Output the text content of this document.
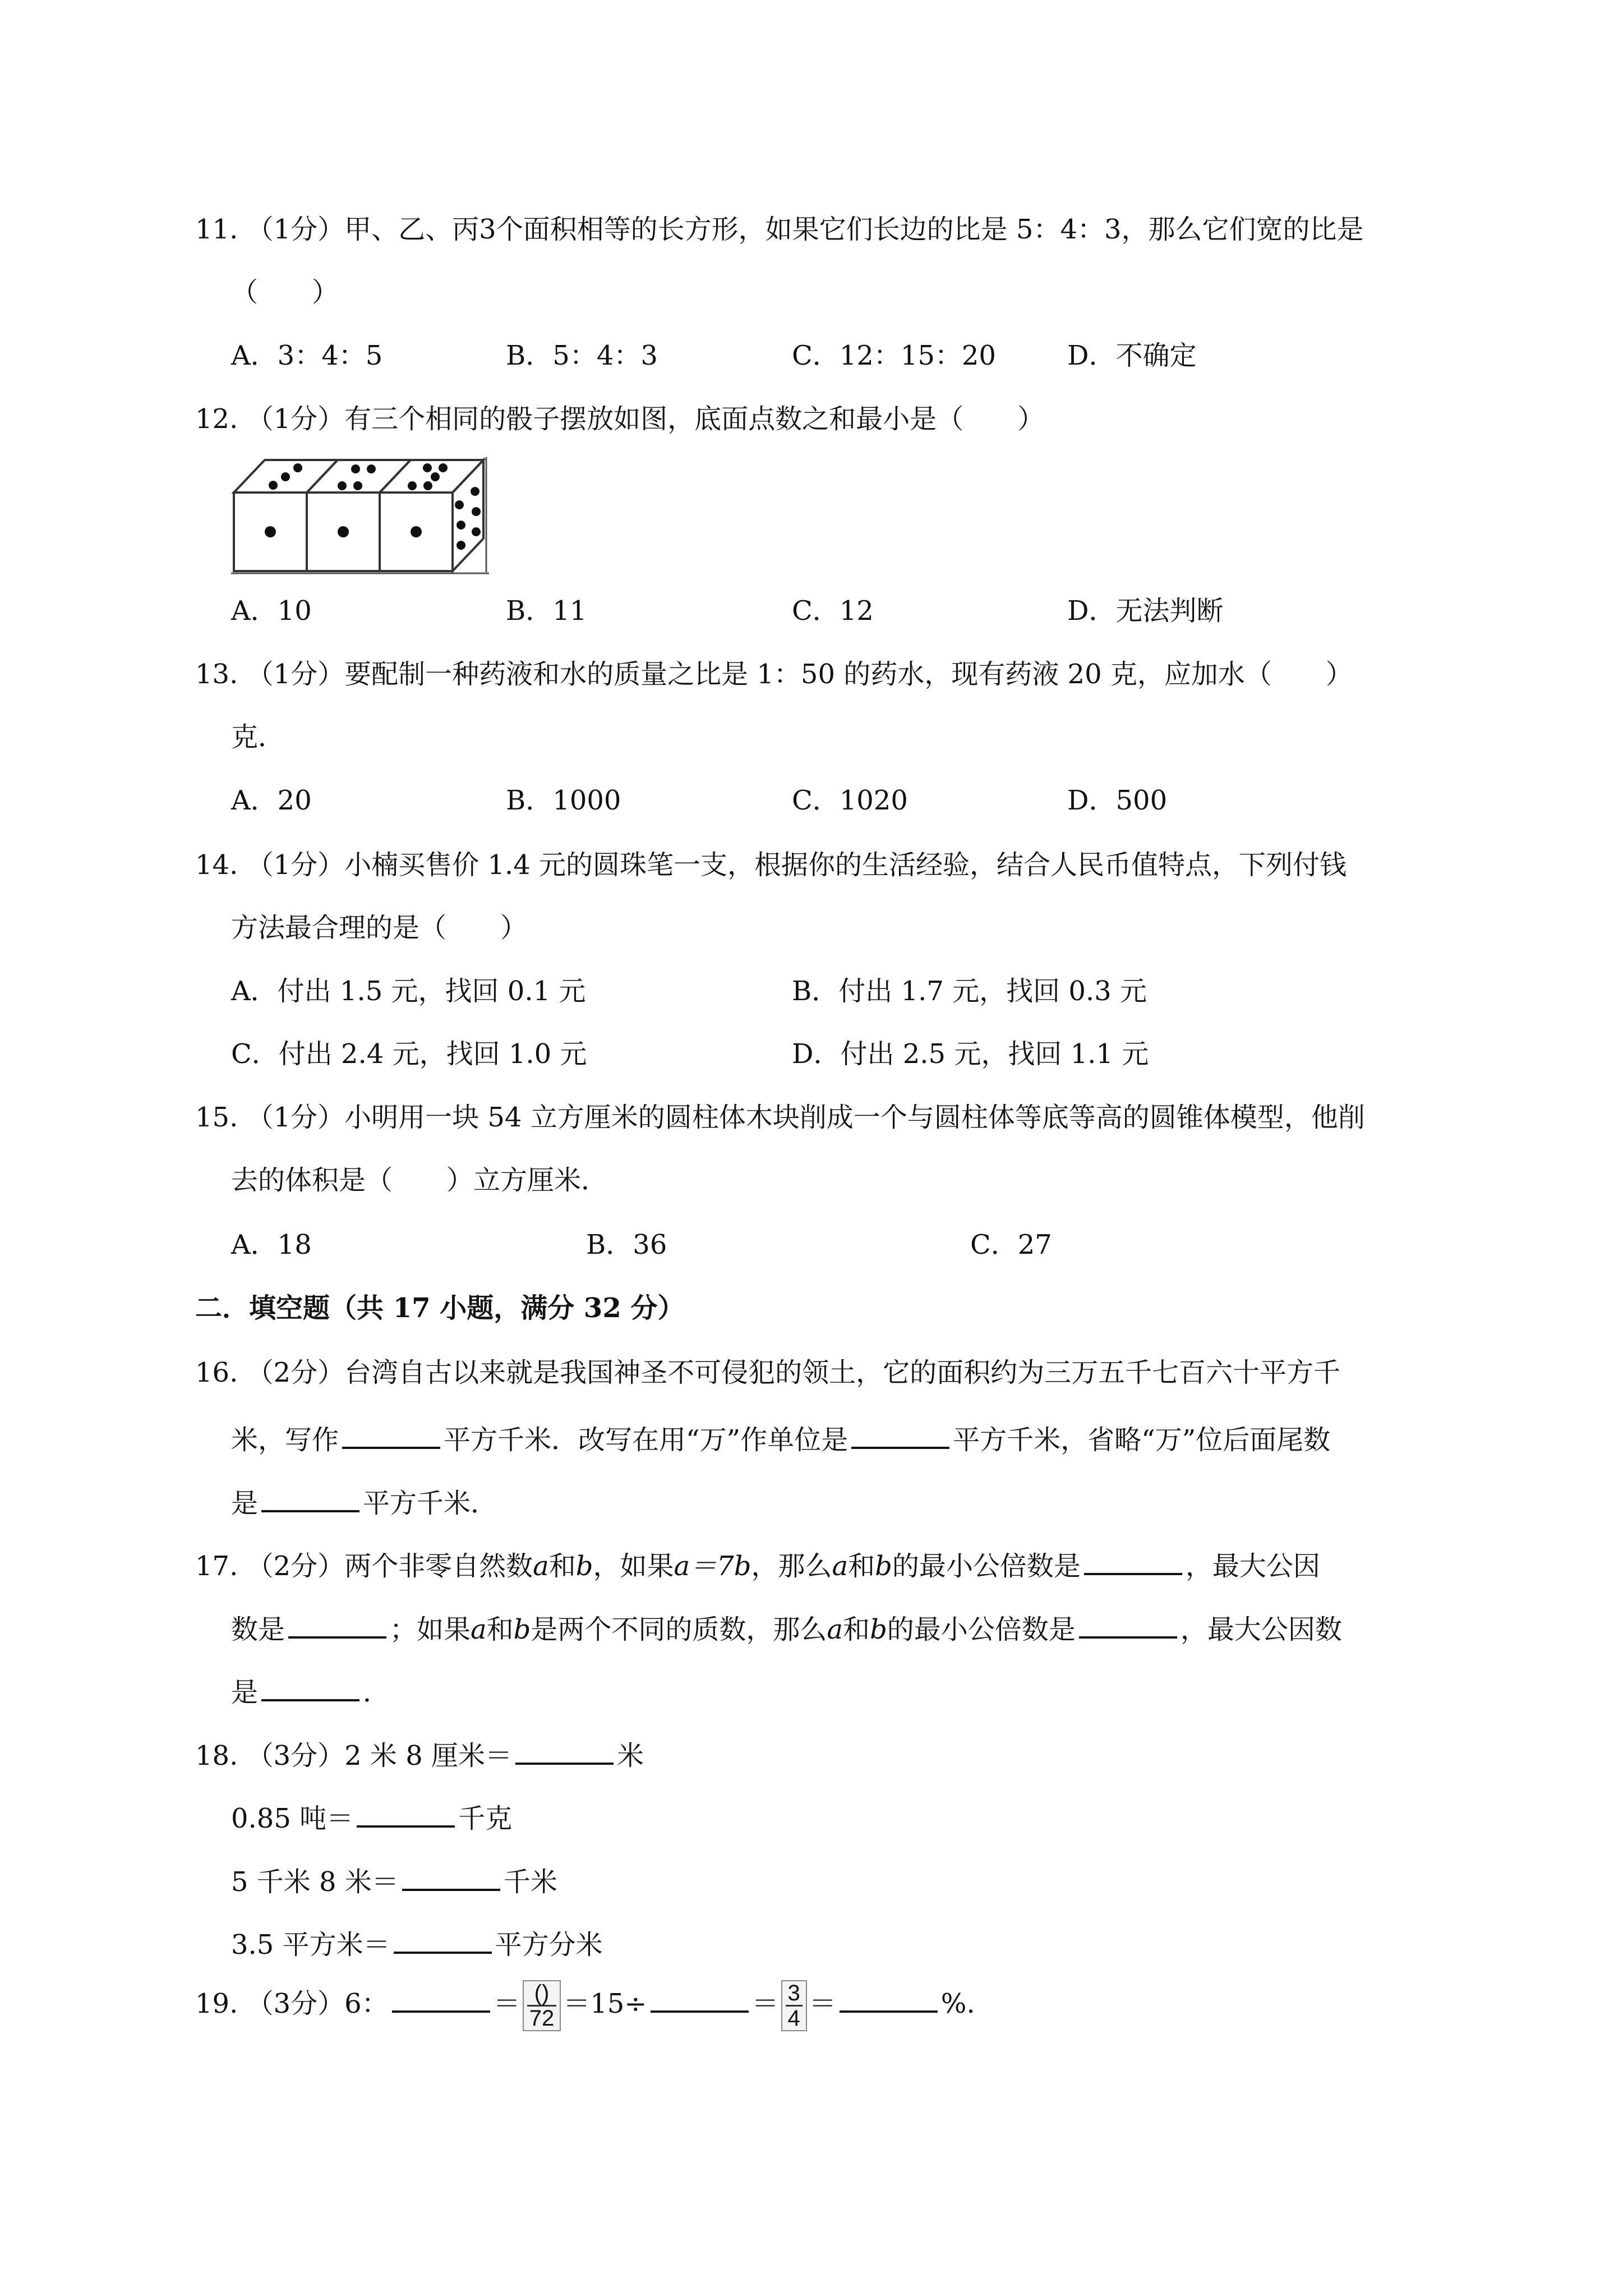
11. （1分）甲、乙、丙3个面积相等的长方形，如果它们长边的比是 5：4：3，那么它们宽的比是
（　　）
A．3：4：5	B．5：4：3	C．12：15：20	D．不确定
12. （1分）有三个相同的骰子摆放如图，底面点数之和最小是（　　）
A．10	B．11	C．12	D．无法判断
13. （1分）要配制一种药液和水的质量之比是 1：50 的药水，现有药液 20 克，应加水（　　）
克．
A．20	B．1000	C．1020	D．500
14. （1分）小楠买售价 1.4 元的圆珠笔一支，根据你的生活经验，结合人民币值特点，下列付钱
方法最合理的是（　　）
A．付出 1.5 元，找回 0.1 元	B．付出 1.7 元，找回 0.3 元
C．付出 2.4 元，找回 1.0 元	D．付出 2.5 元，找回 1.1 元
15. （1分）小明用一块 54 立方厘米的圆柱体木块削成一个与圆柱体等底等高的圆锥体模型，他削
去的体积是（　　）立方厘米．
A．18	B．36	C．27
二．填空题（共 17 小题，满分 32 分）
16. （2分）台湾自古以来就是我国神圣不可侵犯的领土，它的面积约为三万五千七百六十平方千
米，写作	平方千米．改写在用“万”作单位是	平方千米，省略“万”位后面尾数
是	平方千米．
17. （2分）两个非零自然数a和b，如果a＝7b，那么a和b的最小公倍数是	，最大公因
数是	；如果a和b是两个不同的质数，那么a和b的最小公倍数是	，最大公因数
是	．
18. （3分）2 米 8 厘米＝	米
0.85 吨＝	千克
5 千米 8 米＝	千米
3.5 平方米＝	平方分米
19. （3分）6：	＝ $\frac{()}{72} =15\div$	＝ $\frac{3}{4}$ ＝	%.
